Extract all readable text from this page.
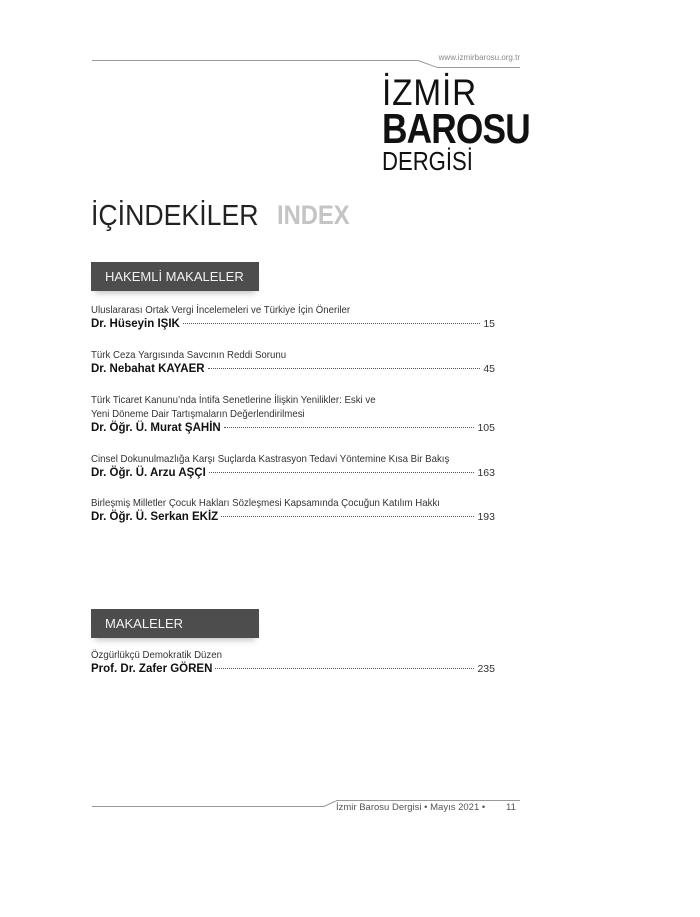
www.izmirbarosu.org.tr
İZMİR
BAROSU
DERGİSİ
İÇİNDEKİLER INDEX
HAKEMLİ MAKALELER
Uluslararası Ortak Vergi İncelemeleri ve Türkiye İçin Öneriler
Dr. Hüseyin IŞIK	15
Türk Ceza Yargısında Savcının Reddi Sorunu
Dr. Nebahat KAYAER	45
Türk Ticaret Kanunu’nda İntifa Senetlerine İlişkin Yenilikler: Eski ve
Yeni Döneme Dair Tartışmaların Değerlendirilmesi
Dr. Öğr. Ü. Murat ŞAHİN	105
Cinsel Dokunulmazlığa Karşı Suçlarda Kastrasyon Tedavi Yöntemine Kısa Bir Bakış
Dr. Öğr. Ü. Arzu AŞÇI	163
Birleşmiş Milletler Çocuk Hakları Sözleşmesi Kapsamında Çocuğun Katılım Hakkı
Dr. Öğr. Ü. Serkan EKİZ	193
MAKALELER
Özgürlükçü Demokratik Düzen
Prof. Dr. Zafer GÖREN	235
İzmir Barosu Dergisi • Mayıs 2021 • 11
